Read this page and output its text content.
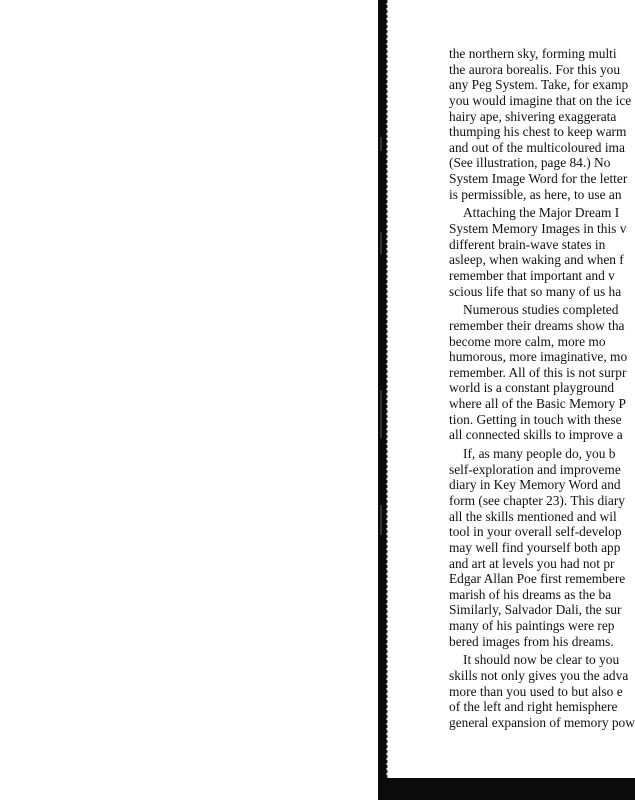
the northern sky, forming multi
the aurora borealis. For this you
any Peg System. Take, for examp
you would imagine that on the ice
hairy ape, shivering exaggerata
thumping his chest to keep warm
and out of the multicoloured ima
(See illustration, page 84.) No
System Image Word for the letter
is permissible, as here, to use an
Attaching the Major Dream I
System Memory Images in this v
different brain-wave states in
asleep, when waking and when f
remember that important and v
scious life that so many of us ha
Numerous studies completed
remember their dreams show tha
become more calm, more mo
humorous, more imaginative, mo
remember. All of this is not surpr
world is a constant playground
where all of the Basic Memory P
tion. Getting in touch with these
all connected skills to improve a
If, as many people do, you b
self-exploration and improveme
diary in Key Memory Word and
form (see chapter 23). This diary
all the skills mentioned and wil
tool in your overall self-develop
may well find yourself both app
and art at levels you had not pr
Edgar Allan Poe first remembere
marish of his dreams as the ba
Similarly, Salvador Dali, the sur
many of his paintings were rep
bered images from his dreams.
It should now be clear to you
skills not only gives you the adva
more than you used to but also e
of the left and right hemisphere
general expansion of memory pow
